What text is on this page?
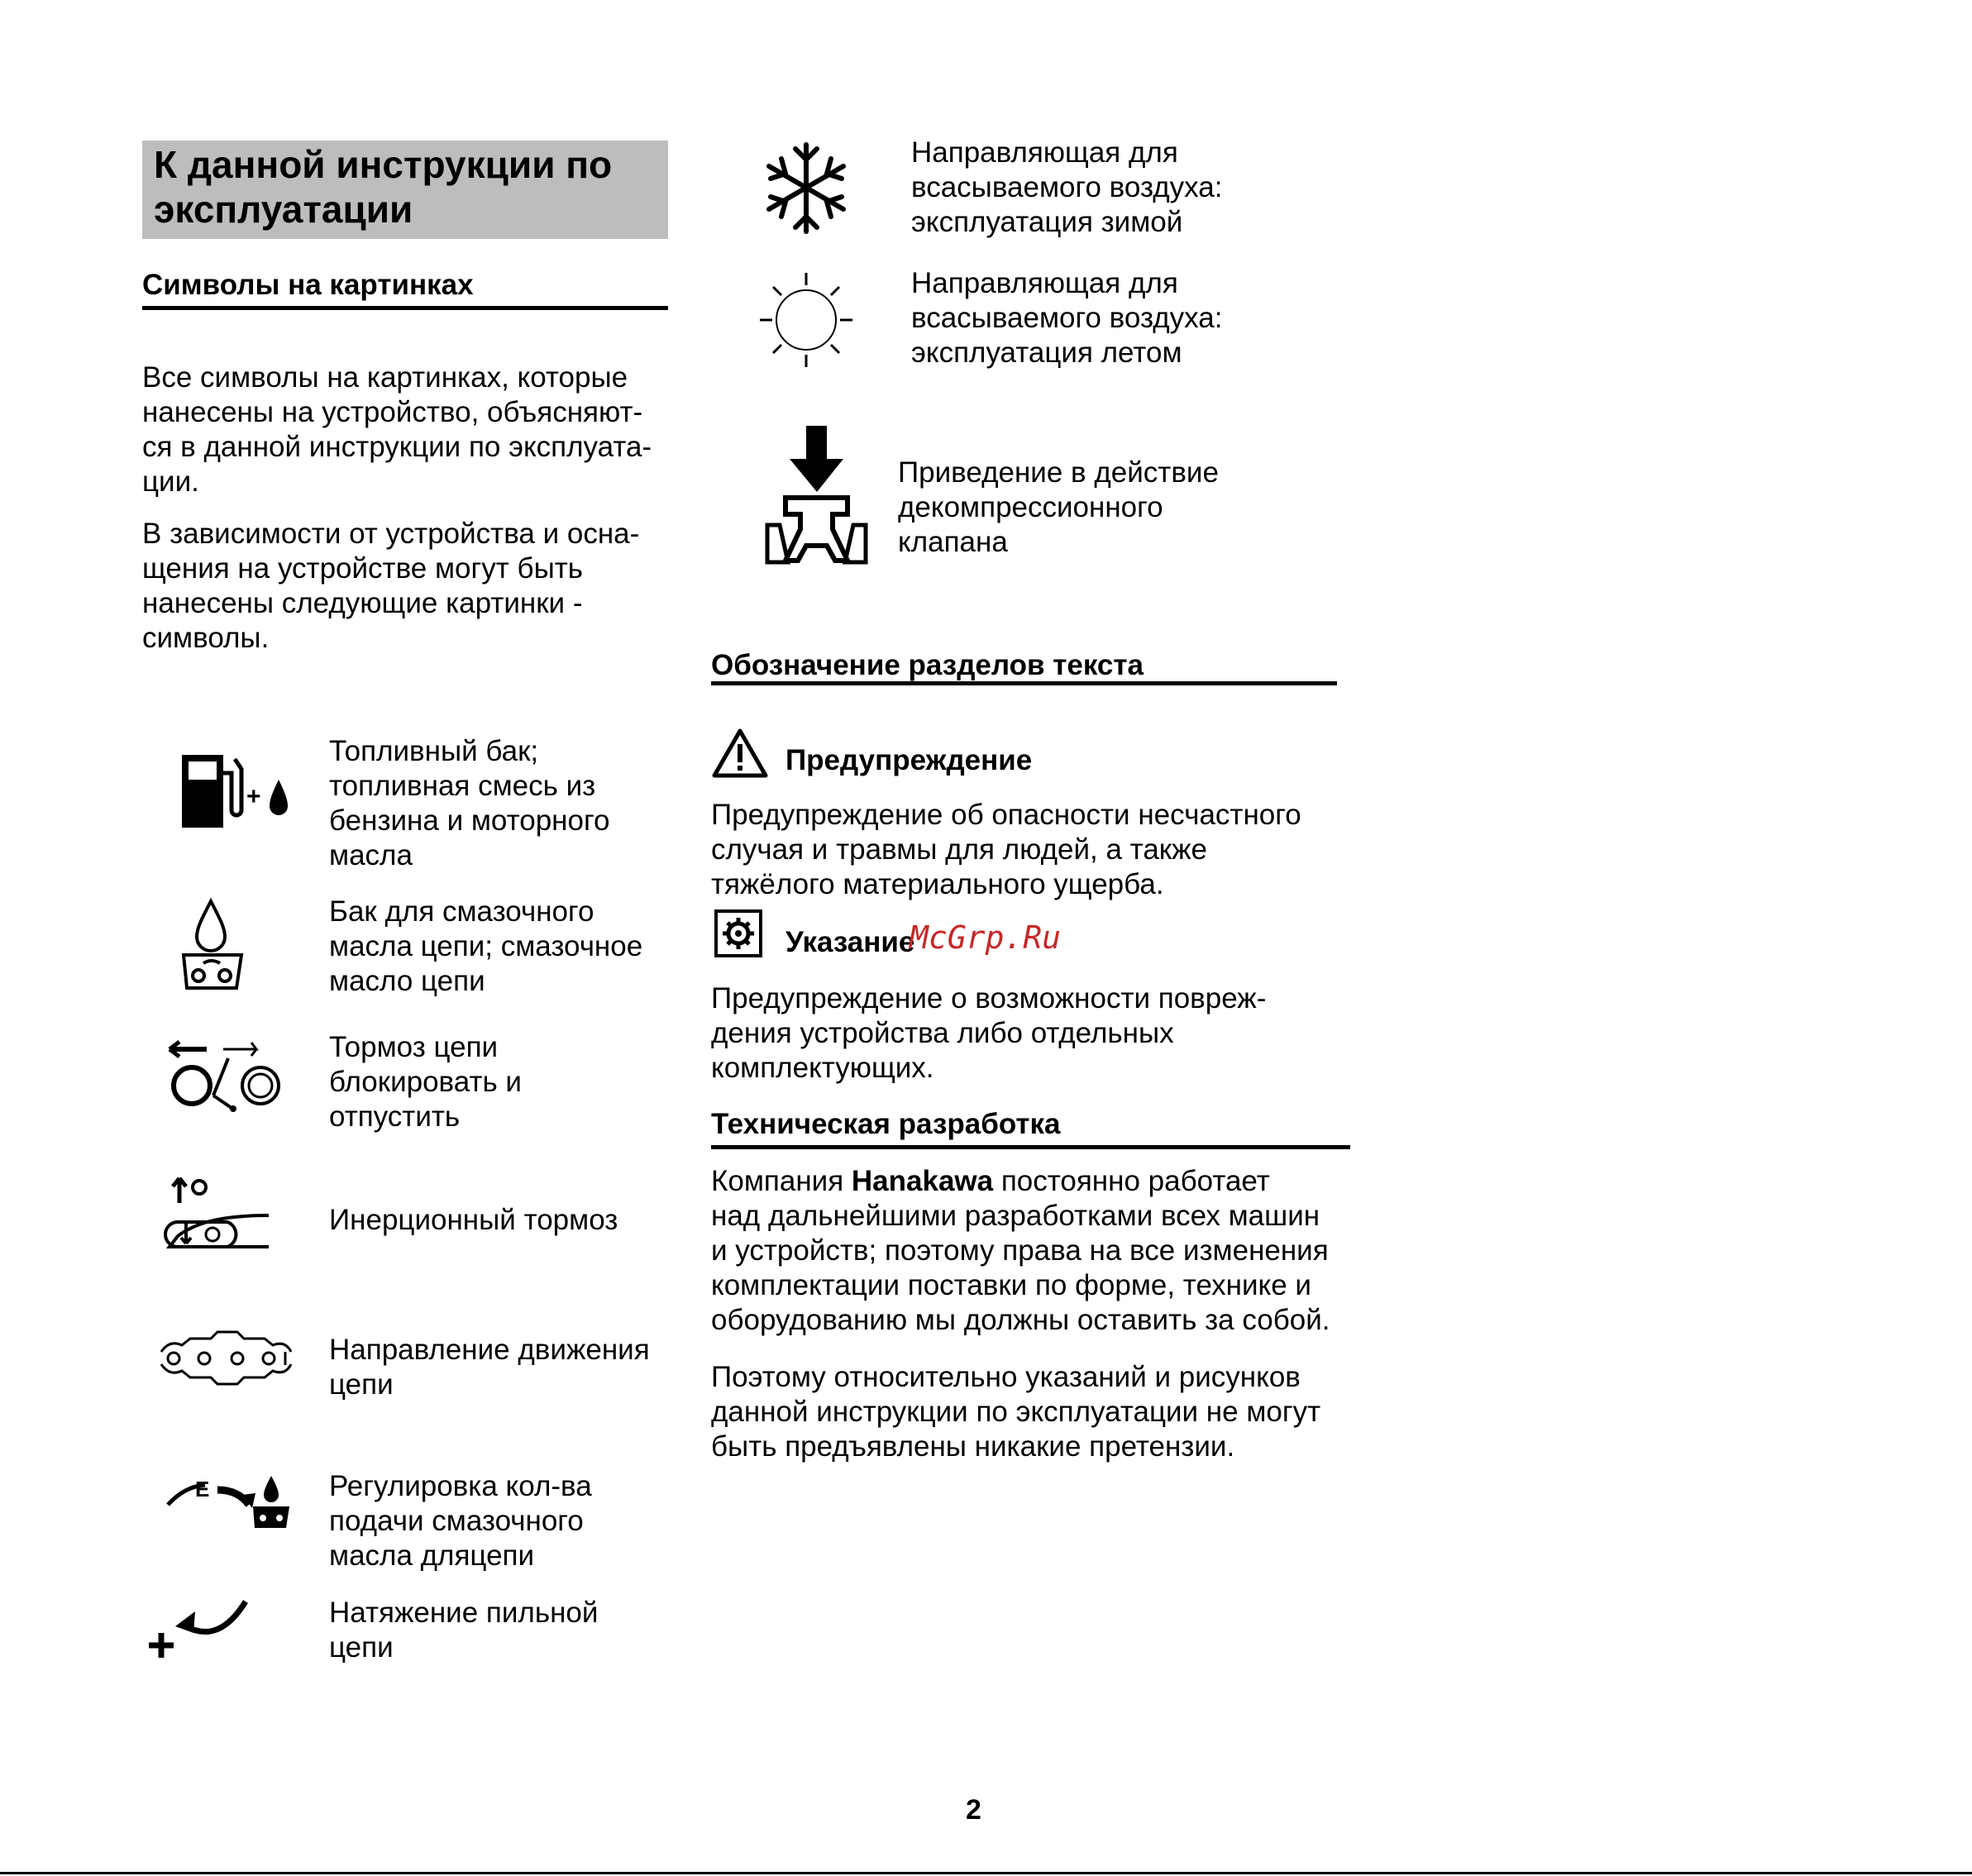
К данной инструкции по
эксплуатации
Символы на картинках
Все символы на картинках, которые
нанесены на устройство, объясняют-
ся в данной инструкции по эксплуата-
ции.
В зависимости от устройства и осна-
щения на устройстве могут быть
нанесены следующие картинки -
символы.
+
Топливный бак;
топливная смесь из
бензина и моторного
масла
Бак для смазочного
масла цепи; смазочное
масло цепи
Тормоз цепи
блокировать и
отпустить
Инерционный тормоз
Направление движения
цепи
E	Регулировка кол-ва
подачи смазочного
масла дляцепи
Натяжение пильной
цепи
Направляющая для
всасываемого воздуха:
эксплуатация зимой
Направляющая для
всасываемого воздуха:
эксплуатация летом
Приведение в действие
декомпрессионного
клапана
Обозначение разделов текста
Предупреждение
Предупреждение об опасности несчастного
случая и травмы для людей, а также
тяжёлого материального ущерба.
Указание
McGrp.Ru
Предупреждение о возможности повреж-
дения устройства либо отдельных
комплектующих.
Техническая разработка
Компания Hanakawa постоянно работает
над дальнейшими разработками всех машин
и устройств; поэтому права на все изменения
комплектации поставки по форме, технике и
оборудованию мы должны оставить за собой.
Поэтому относительно указаний и рисунков
данной инструкции по эксплуатации не могут
быть предъявлены никакие претензии.
2
